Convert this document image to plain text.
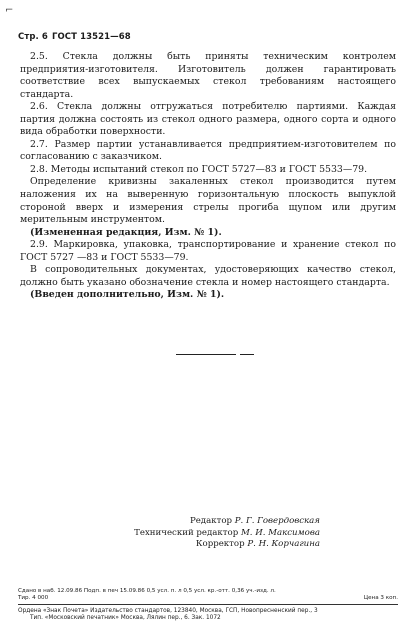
⌐
Стр. 6 ГОСТ 13521—68

2.5. Стекла должны быть приняты техническим контролем предприятия-изготовителя. Изготовитель должен гарантировать соответствие всех выпускаемых стекол требованиям настоящего стандарта.

2.6. Стекла должны отгружаться потребителю партиями. Каждая партия должна состоять из стекол одного размера, одного сорта и одного вида обработки поверхности.

2.7. Размер партии устанавливается предприятием-изготовителем по согласованию с заказчиком.

2.8. Методы испытаний стекол по ГОСТ 5727—83 и ГОСТ 5533—79.

Определение кривизны закаленных стекол производится путем наложения их на выверенную горизонтальную плоскость выпуклой стороной вверх и измерения стрелы прогиба щупом или другим мерительным инструментом.

(Измененная редакция, Изм. № 1).

2.9. Маркировка, упаковка, транспортирование и хранение стекол по ГОСТ 5727 —83 и ГОСТ 5533—79.

В сопроводительных документах, удостоверяющих качество стекол, должно быть указано обозначение стекла и номер настоящего стандарта.

(Введен дополнительно, Изм. № 1).

Редактор Р. Г. Говердовская
Технический редактор М. И. Максимова
Корректор Р. Н. Корчагина
Сдано в наб. 12.09.86 Подп. в печ 15.09.86 0,5 усл. п. л 0,5 усл. кр.-отт. 0,36 уч.-изд. л.
Тир. 4 000	Цена 3 коп.
Ордена «Знак Почета» Издательство стандартов, 123840, Москва, ГСП, Новопресненский пер., 3
Тип. «Московский печатник» Москва, Лялин пер., 6. Зак. 1072
